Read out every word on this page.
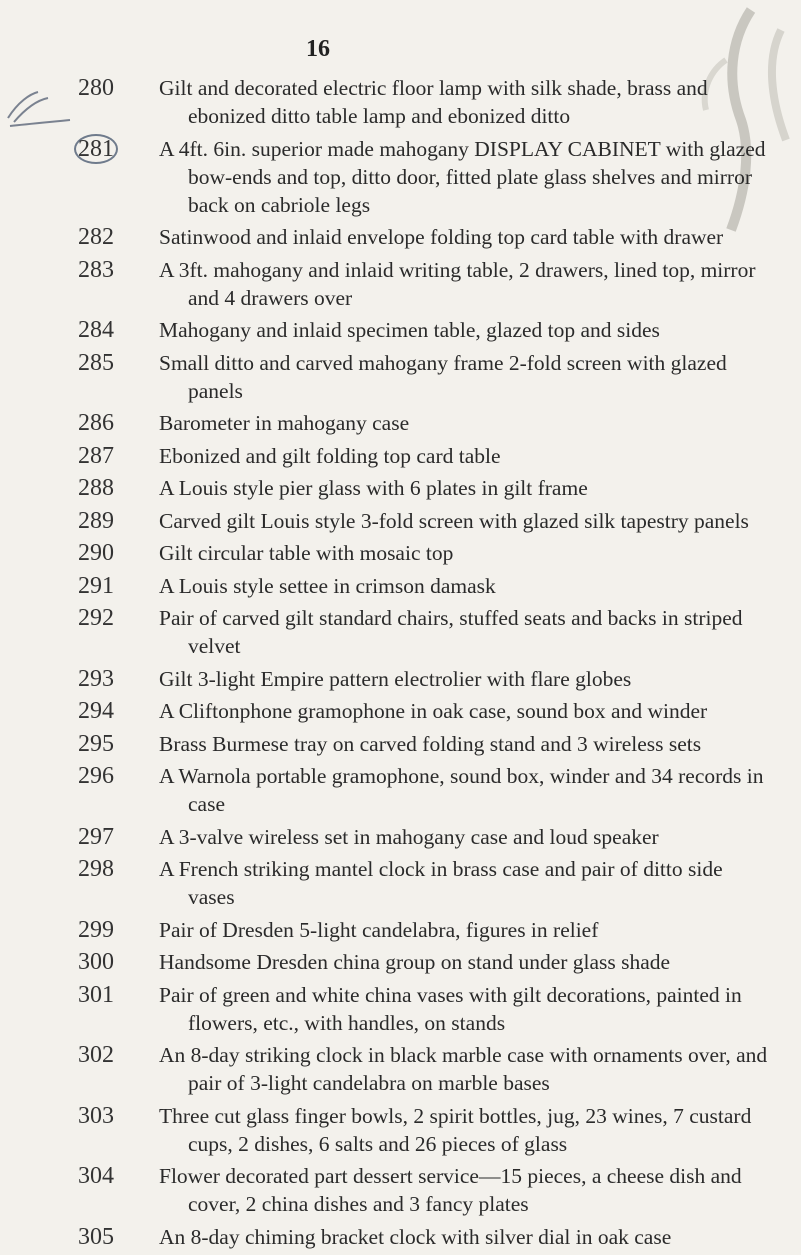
16
280	Gilt and decorated electric floor lamp with silk shade, brass and ebonized ditto table lamp and ebonized ditto
281	A 4ft. 6in. superior made mahogany DISPLAY CABINET with glazed bow-ends and top, ditto door, fitted plate glass shelves and mirror back on cabriole legs
282	Satinwood and inlaid envelope folding top card table with drawer
283	A 3ft. mahogany and inlaid writing table, 2 drawers, lined top, mirror and 4 drawers over
284	Mahogany and inlaid specimen table, glazed top and sides
285	Small ditto and carved mahogany frame 2-fold screen with glazed panels
286	Barometer in mahogany case
287	Ebonized and gilt folding top card table
288	A Louis style pier glass with 6 plates in gilt frame
289	Carved gilt Louis style 3-fold screen with glazed silk tapestry panels
290	Gilt circular table with mosaic top
291	A Louis style settee in crimson damask
292	Pair of carved gilt standard chairs, stuffed seats and backs in striped velvet
293	Gilt 3-light Empire pattern electrolier with flare globes
294	A Cliftonphone gramophone in oak case, sound box and winder
295	Brass Burmese tray on carved folding stand and 3 wireless sets
296	A Warnola portable gramophone, sound box, winder and 34 records in case
297	A 3-valve wireless set in mahogany case and loud speaker
298	A French striking mantel clock in brass case and pair of ditto side vases
299	Pair of Dresden 5-light candelabra, figures in relief
300	Handsome Dresden china group on stand under glass shade
301	Pair of green and white china vases with gilt decorations, painted in flowers, etc., with handles, on stands
302	An 8-day striking clock in black marble case with ornaments over, and pair of 3-light candelabra on marble bases
303	Three cut glass finger bowls, 2 spirit bottles, jug, 23 wines, 7 custard cups, 2 dishes, 6 salts and 26 pieces of glass
304	Flower decorated part dessert service—15 pieces, a cheese dish and cover, 2 china dishes and 3 fancy plates
305	An 8-day chiming bracket clock with silver dial in oak case
